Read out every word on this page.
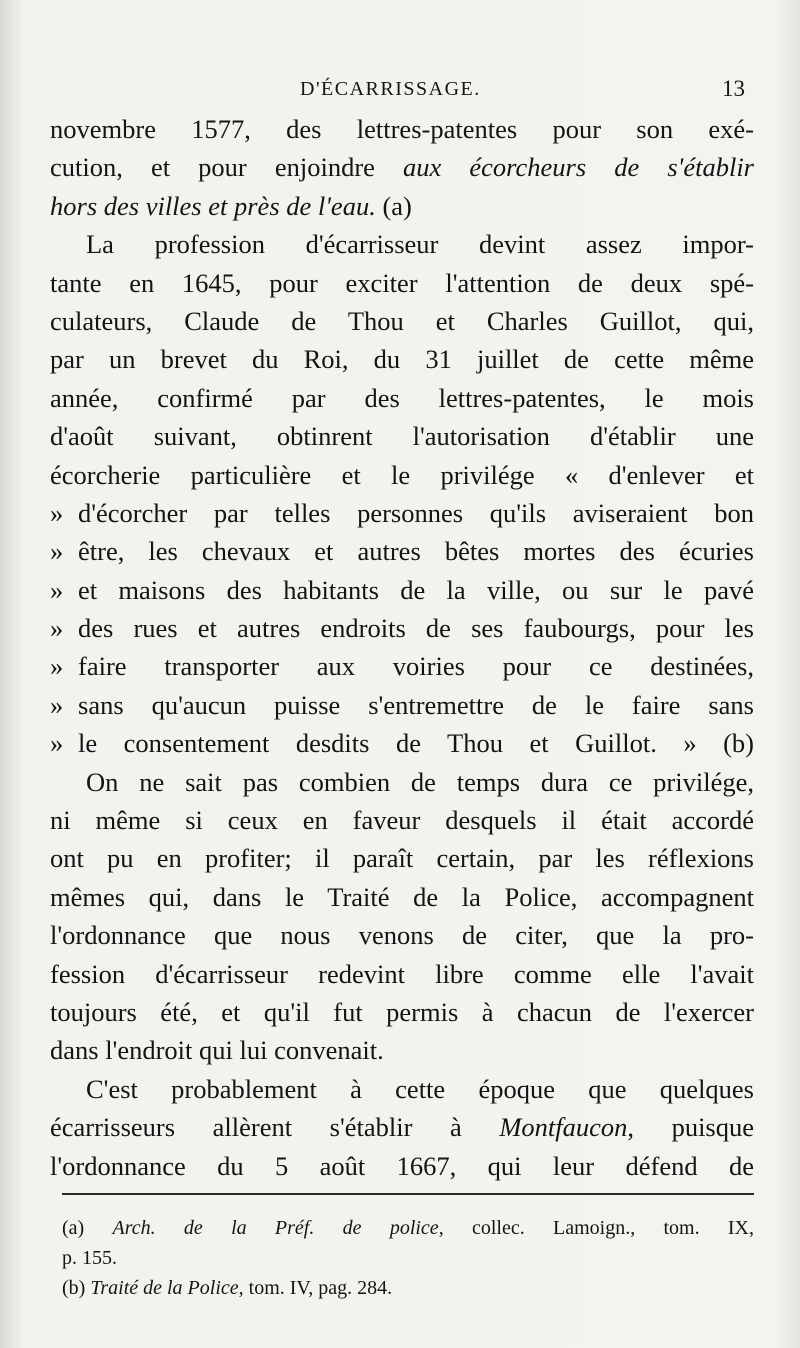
D'ÉCARRISSAGE.	13
novembre 1577, des lettres-patentes pour son exé-
cution, et pour enjoindre aux écorcheurs de s'établir
hors des villes et près de l'eau. (a)
La profession d'écarrisseur devint assez impor-
tante en 1645, pour exciter l'attention de deux spé-
culateurs, Claude de Thou et Charles Guillot, qui,
par un brevet du Roi, du 31 juillet de cette même
année, confirmé par des lettres-patentes, le mois
d'août suivant, obtinrent l'autorisation d'établir une
écorcherie particulière et le privilége « d'enlever et
» d'écorcher par telles personnes qu'ils aviseraient bon
» être, les chevaux et autres bêtes mortes des écuries
» et maisons des habitants de la ville, ou sur le pavé
» des rues et autres endroits de ses faubourgs, pour les
» faire transporter aux voiries pour ce destinées,
» sans qu'aucun puisse s'entremettre de le faire sans
» le consentement desdits de Thou et Guillot. » (b)
On ne sait pas combien de temps dura ce privilége,
ni même si ceux en faveur desquels il était accordé
ont pu en profiter; il paraît certain, par les réflexions
mêmes qui, dans le Traité de la Police, accompagnent
l'ordonnance que nous venons de citer, que la pro-
fession d'écarrisseur redevint libre comme elle l'avait
toujours été, et qu'il fut permis à chacun de l'exercer
dans l'endroit qui lui convenait.
C'est probablement à cette époque que quelques
écarrisseurs allèrent s'établir à Montfaucon, puisque
l'ordonnance du 5 août 1667, qui leur défend de
(a) Arch. de la Préf. de police, collec. Lamoign., tom. IX,
p. 155.
(b) Traité de la Police, tom. IV, pag. 284.
